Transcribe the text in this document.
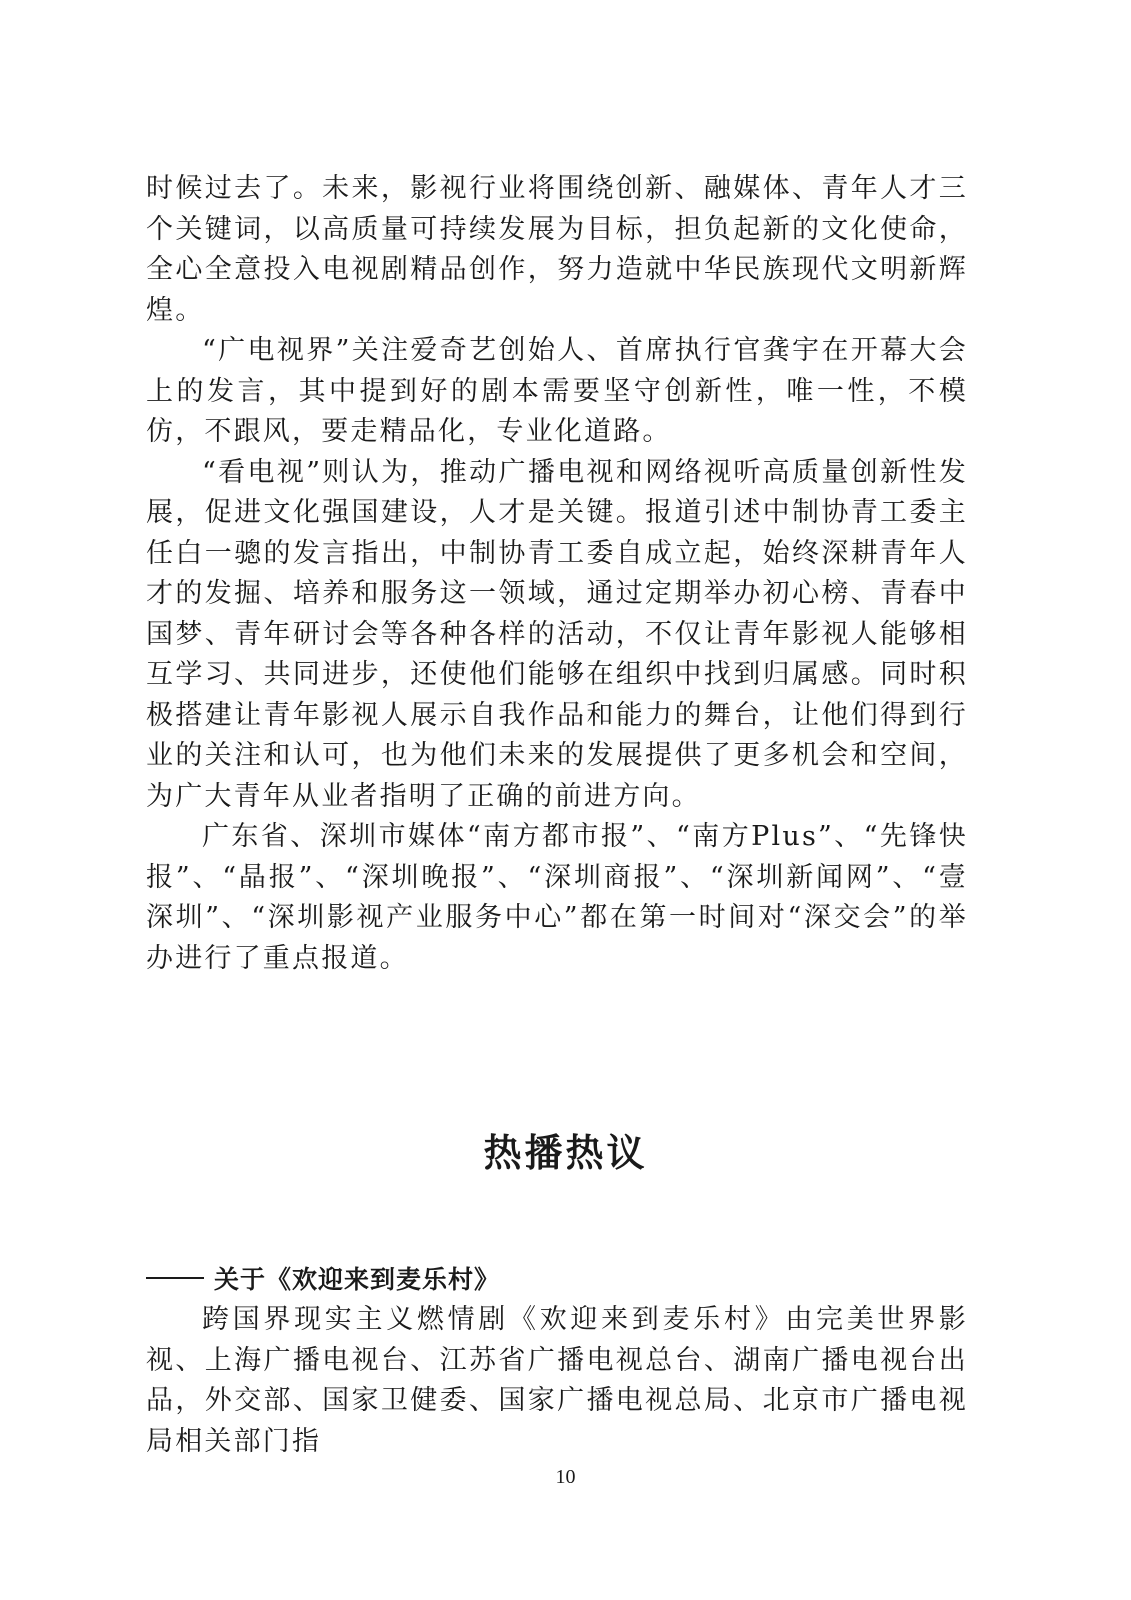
时候过去了。未来，影视行业将围绕创新、融媒体、青年人才三个关键词，以高质量可持续发展为目标，担负起新的文化使命，全心全意投入电视剧精品创作，努力造就中华民族现代文明新辉煌。

“广电视界”关注爱奇艺创始人、首席执行官龚宇在开幕大会上的发言，其中提到好的剧本需要坚守创新性，唯一性，不模仿，不跟风，要走精品化，专业化道路。

“看电视”则认为，推动广播电视和网络视听高质量创新性发展，促进文化强国建设，人才是关键。报道引述中制协青工委主任白一骢的发言指出，中制协青工委自成立起，始终深耕青年人才的发掘、培养和服务这一领域，通过定期举办初心榜、青春中国梦、青年研讨会等各种各样的活动，不仅让青年影视人能够相互学习、共同进步，还使他们能够在组织中找到归属感。同时积极搭建让青年影视人展示自我作品和能力的舞台，让他们得到行业的关注和认可，也为他们未来的发展提供了更多机会和空间，为广大青年从业者指明了正确的前进方向。

广东省、深圳市媒体“南方都市报”、“南方Plus”、“先锋快报”、“晶报”、“深圳晚报”、“深圳商报”、“深圳新闻网”、“壹深圳”、“深圳影视产业服务中心”都在第一时间对“深交会”的举办进行了重点报道。

热播热议
关于《欢迎来到麦乐村》

跨国界现实主义燃情剧《欢迎来到麦乐村》由完美世界影视、上海广播电视台、江苏省广播电视总台、湖南广播电视台出品，外交部、国家卫健委、国家广播电视总局、北京市广播电视局相关部门指

10
